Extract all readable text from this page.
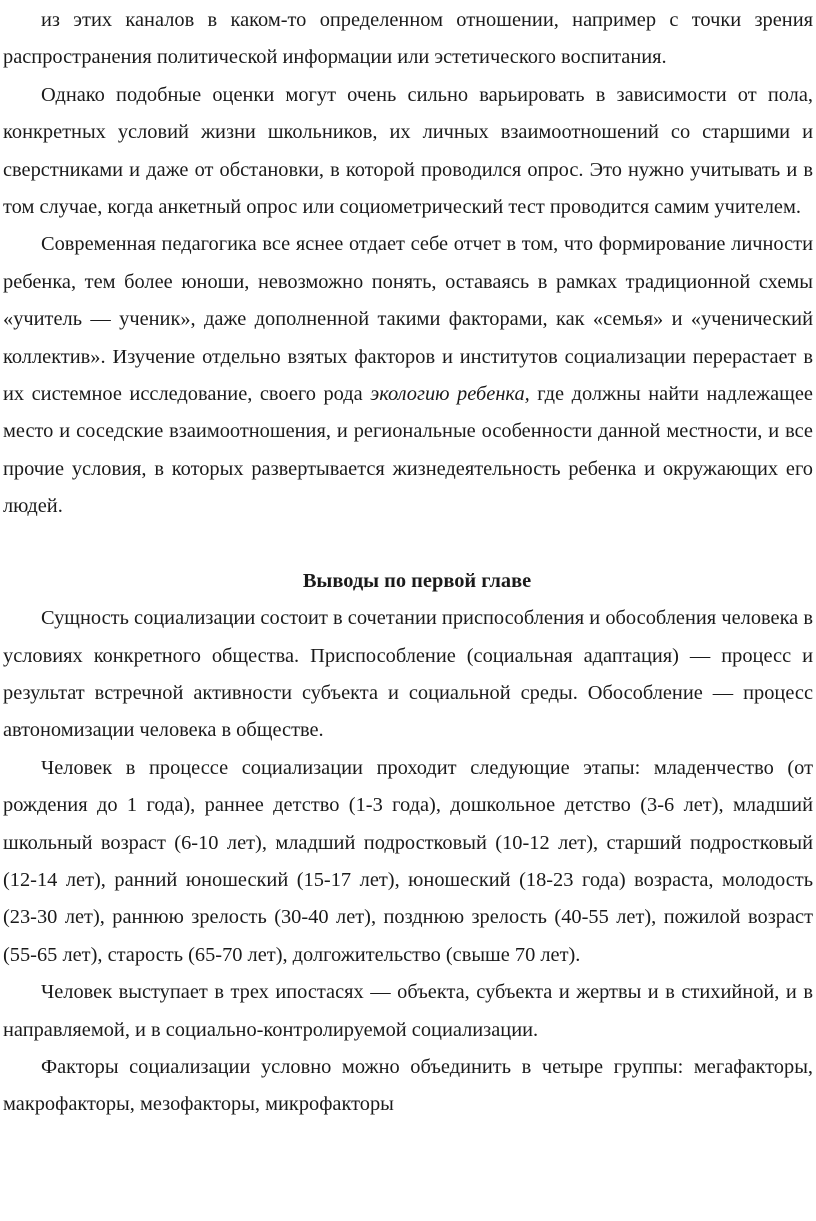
из этих каналов в каком-то определенном отношении, например с точки зрения распространения политической информации или эстетического воспитания.

Однако подобные оценки могут очень сильно варьировать в зависимости от пола, конкретных условий жизни школьников, их личных взаимоотношений со старшими и сверстниками и даже от обстановки, в которой проводился опрос. Это нужно учитывать и в том случае, когда анкетный опрос или социометрический тест проводится самим учителем.

Современная педагогика все яснее отдает себе отчет в том, что формирование личности ребенка, тем более юноши, невозможно понять, оставаясь в рамках традиционной схемы «учитель — ученик», даже дополненной такими факторами, как «семья» и «ученический коллектив». Изучение отдельно взятых факторов и институтов социализации перерастает в их системное исследование, своего рода экологию ребенка, где должны найти надлежащее место и соседские взаимоотношения, и региональные особенности данной местности, и все прочие условия, в которых развертывается жизнедеятельность ребенка и окружающих его людей.

Выводы по первой главе

Сущность социализации состоит в сочетании приспособления и обособления человека в условиях конкретного общества. Приспособление (социальная адаптация) — процесс и результат встречной активности субъекта и социальной среды. Обособление — процесс автономизации человека в обществе.

Человек в процессе социализации проходит следующие этапы: младенчество (от рождения до 1 года), раннее детство (1-3 года), дошкольное детство (3-6 лет), младший школьный возраст (6-10 лет), младший подростковый (10-12 лет), старший подростковый (12-14 лет), ранний юношеский (15-17 лет), юношеский (18-23 года) возраста, молодость (23-30 лет), раннюю зрелость (30-40 лет), позднюю зрелость (40-55 лет), пожилой возраст (55-65 лет), старость (65-70 лет), долгожительство (свыше 70 лет).

Человек выступает в трех ипостасях — объекта, субъекта и жертвы и в стихийной, и в направляемой, и в социально-контролируемой социализации.

Факторы социализации условно можно объединить в четыре группы: мегафакторы, макрофакторы, мезофакторы, микрофакторы
